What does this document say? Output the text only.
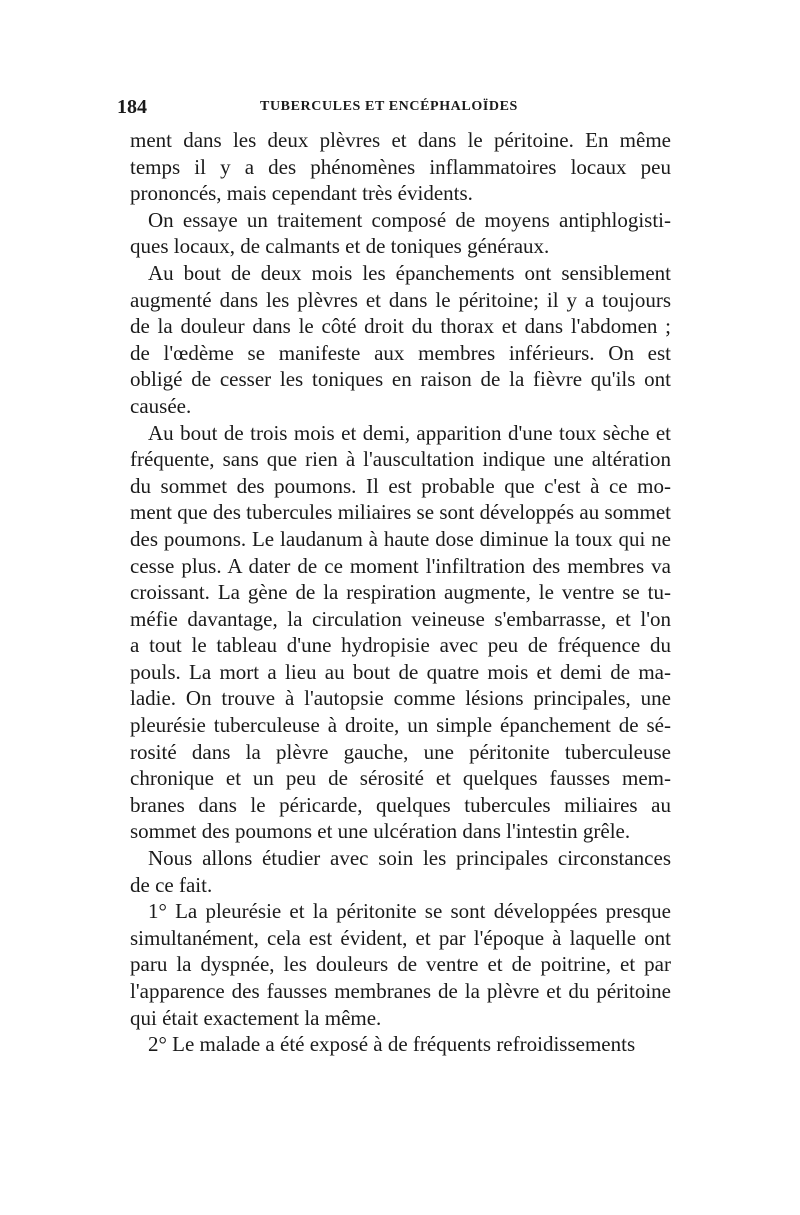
184	TUBERCULES ET ENCÉPHALOÏDES
ment dans les deux plèvres et dans le péritoine. En même
temps il y a des phénomènes inflammatoires locaux peu
prononcés, mais cependant très évidents.
On essaye un traitement composé de moyens antiphlogisti-
ques locaux, de calmants et de toniques généraux.
Au bout de deux mois les épanchements ont sensiblement
augmenté dans les plèvres et dans le péritoine; il y a toujours
de la douleur dans le côté droit du thorax et dans l'abdomen ;
de l'œdème se manifeste aux membres inférieurs. On est
obligé de cesser les toniques en raison de la fièvre qu'ils ont
causée.
Au bout de trois mois et demi, apparition d'une toux sèche et
fréquente, sans que rien à l'auscultation indique une altération
du sommet des poumons. Il est probable que c'est à ce mo-
ment que des tubercules miliaires se sont développés au sommet
des poumons. Le laudanum à haute dose diminue la toux qui ne
cesse plus. A dater de ce moment l'infiltration des membres va
croissant. La gène de la respiration augmente, le ventre se tu-
méfie davantage, la circulation veineuse s'embarrasse, et l'on
a tout le tableau d'une hydropisie avec peu de fréquence du
pouls. La mort a lieu au bout de quatre mois et demi de ma-
ladie. On trouve à l'autopsie comme lésions principales, une
pleurésie tuberculeuse à droite, un simple épanchement de sé-
rosité dans la plèvre gauche, une péritonite tuberculeuse
chronique et un peu de sérosité et quelques fausses mem-
branes dans le péricarde, quelques tubercules miliaires au
sommet des poumons et une ulcération dans l'intestin grêle.
Nous allons étudier avec soin les principales circonstances
de ce fait.
1° La pleurésie et la péritonite se sont développées presque
simultanément, cela est évident, et par l'époque à laquelle ont
paru la dyspnée, les douleurs de ventre et de poitrine, et par
l'apparence des fausses membranes de la plèvre et du péritoine
qui était exactement la même.
2° Le malade a été exposé à de fréquents refroidissements
